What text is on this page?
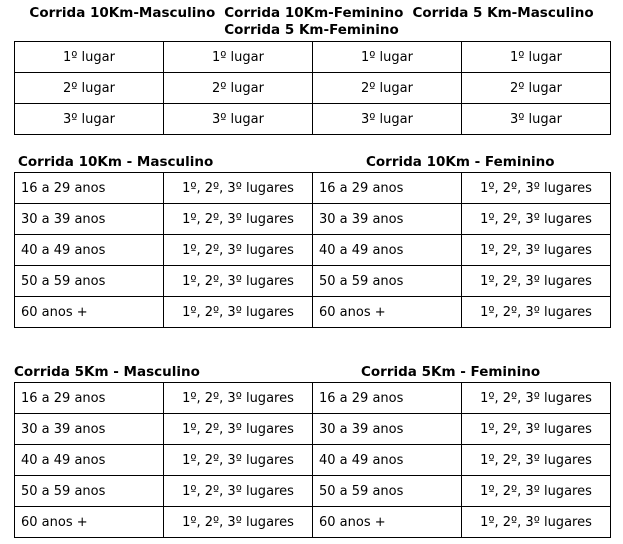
Corrida 10Km-Masculino Corrida 10Km-Feminino Corrida 5 Km-Masculino
Corrida 5 Km-Feminino
1º lugar	1º lugar	1º lugar	1º lugar
2º lugar	2º lugar	2º lugar	2º lugar
3º lugar	3º lugar	3º lugar	3º lugar
Corrida 10Km - Masculino	Corrida 10Km - Feminino
16 a 29 anos	1º, 2º, 3º lugares	16 a 29 anos	1º, 2º, 3º lugares
30 a 39 anos	1º, 2º, 3º lugares	30 a 39 anos	1º, 2º, 3º lugares
40 a 49 anos	1º, 2º, 3º lugares	40 a 49 anos	1º, 2º, 3º lugares
50 a 59 anos	1º, 2º, 3º lugares	50 a 59 anos	1º, 2º, 3º lugares
60 anos +	1º, 2º, 3º lugares	60 anos +	1º, 2º, 3º lugares
Corrida 5Km - Masculino	Corrida 5Km - Feminino
16 a 29 anos	1º, 2º, 3º lugares	16 a 29 anos	1º, 2º, 3º lugares
30 a 39 anos	1º, 2º, 3º lugares	30 a 39 anos	1º, 2º, 3º lugares
40 a 49 anos	1º, 2º, 3º lugares	40 a 49 anos	1º, 2º, 3º lugares
50 a 59 anos	1º, 2º, 3º lugares	50 a 59 anos	1º, 2º, 3º lugares
60 anos +	1º, 2º, 3º lugares	60 anos +	1º, 2º, 3º lugares
